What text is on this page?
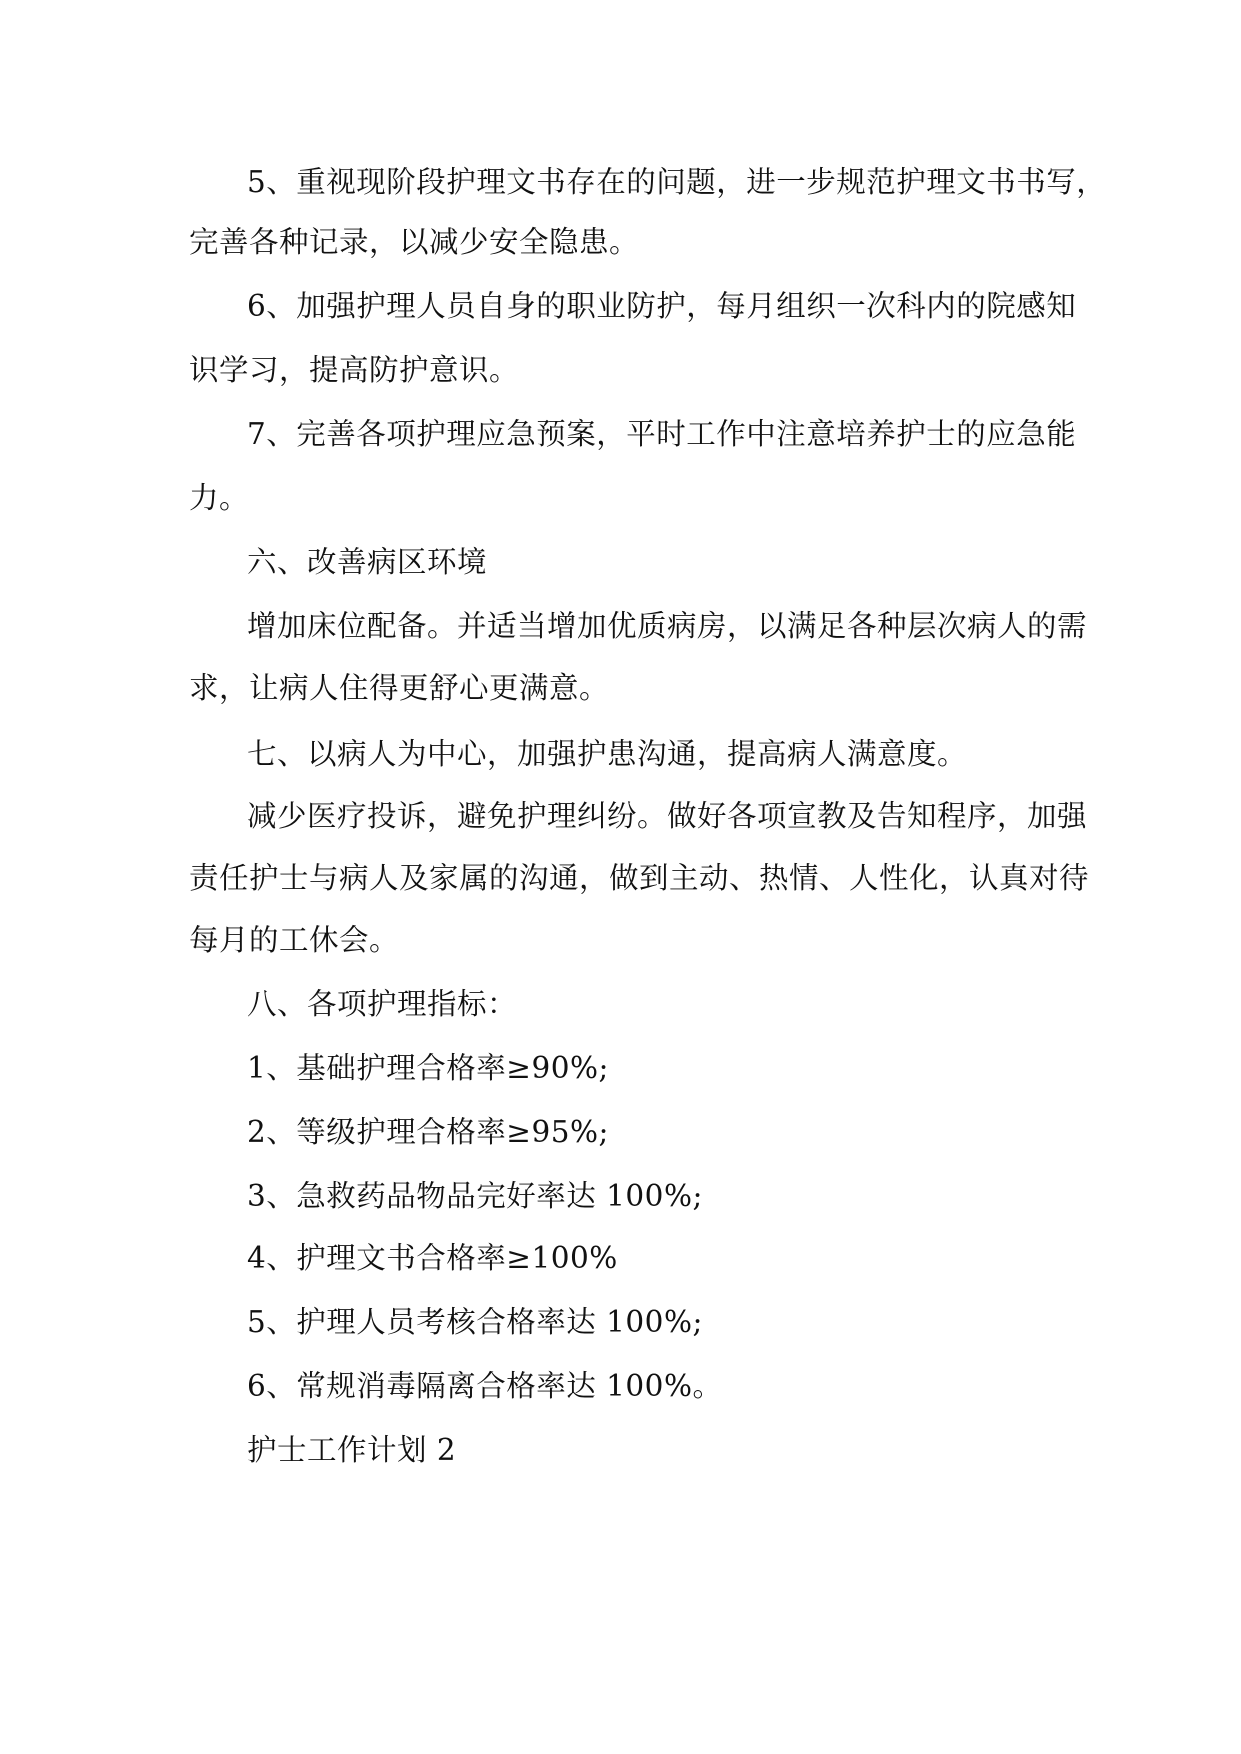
5、重视现阶段护理文书存在的问题，进一步规范护理文书书写，
完善各种记录，以减少安全隐患。
6、加强护理人员自身的职业防护，每月组织一次科内的院感知
识学习，提高防护意识。
7、完善各项护理应急预案，平时工作中注意培养护士的应急能
力。
六、改善病区环境
增加床位配备。并适当增加优质病房，以满足各种层次病人的需
求，让病人住得更舒心更满意。
七、以病人为中心，加强护患沟通，提高病人满意度。
减少医疗投诉，避免护理纠纷。做好各项宣教及告知程序，加强
责任护士与病人及家属的沟通，做到主动、热情、人性化，认真对待
每月的工休会。
八、各项护理指标：
1、基础护理合格率≥90%;
2、等级护理合格率≥95%;
3、急救药品物品完好率达 100%;
4、护理文书合格率≥100%
5、护理人员考核合格率达 100%;
6、常规消毒隔离合格率达 100%。
护士工作计划 2
